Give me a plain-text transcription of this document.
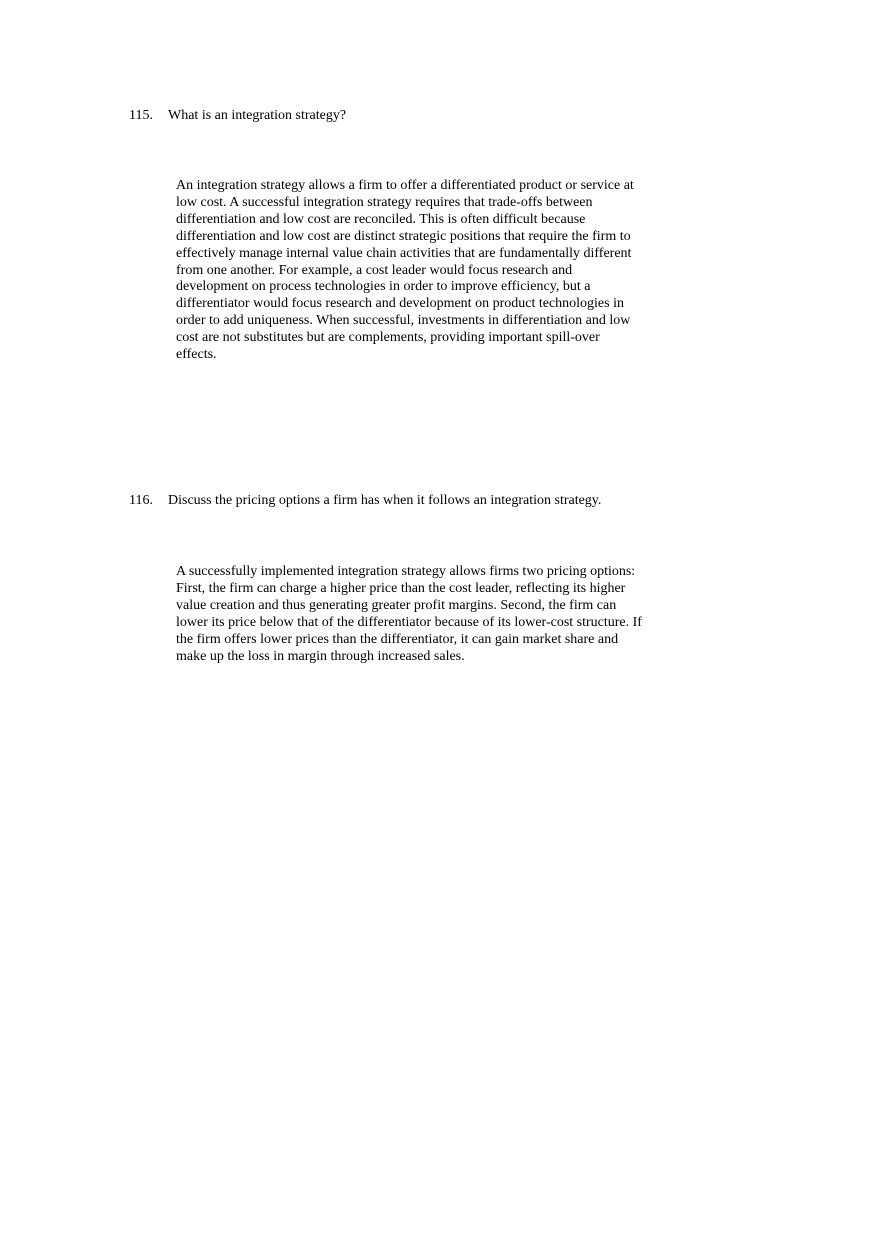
115. What is an integration strategy?
An integration strategy allows a firm to offer a differentiated product or service at
low cost. A successful integration strategy requires that trade-offs between
differentiation and low cost are reconciled. This is often difficult because
differentiation and low cost are distinct strategic positions that require the firm to
effectively manage internal value chain activities that are fundamentally different
from one another. For example, a cost leader would focus research and
development on process technologies in order to improve efficiency, but a
differentiator would focus research and development on product technologies in
order to add uniqueness. When successful, investments in differentiation and low
cost are not substitutes but are complements, providing important spill-over
effects.
116. Discuss the pricing options a firm has when it follows an integration strategy.
A successfully implemented integration strategy allows firms two pricing options:
First, the firm can charge a higher price than the cost leader, reflecting its higher
value creation and thus generating greater profit margins. Second, the firm can
lower its price below that of the differentiator because of its lower-cost structure. If
the firm offers lower prices than the differentiator, it can gain market share and
make up the loss in margin through increased sales.
